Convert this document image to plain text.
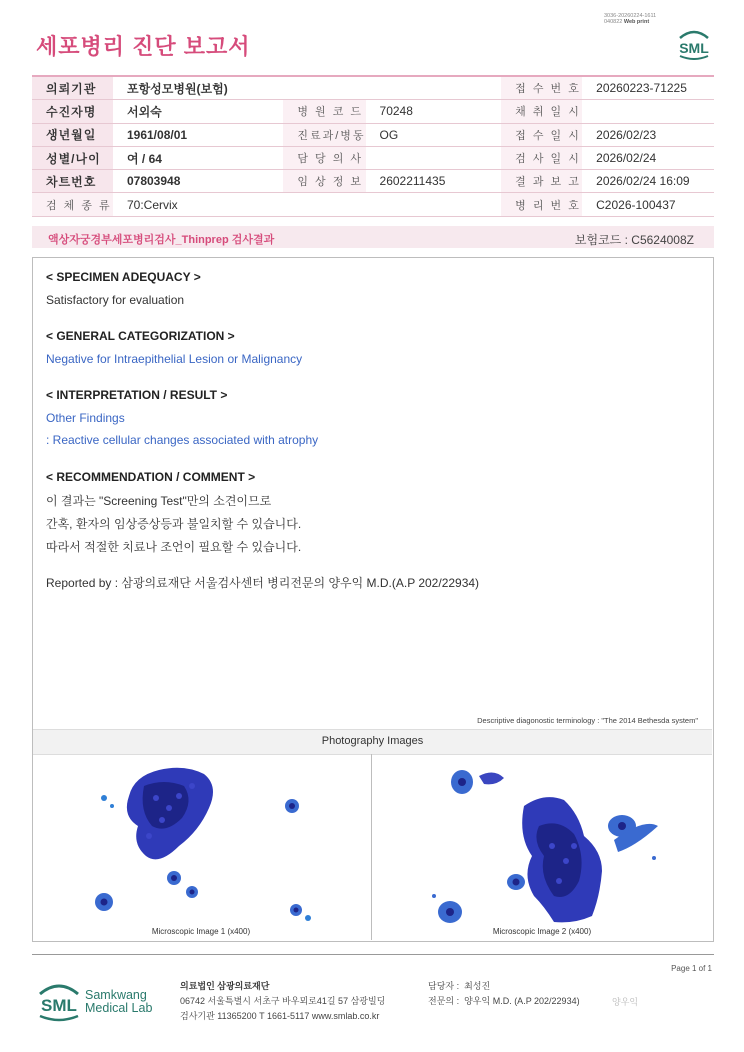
3036-20260224-1611
040822 Web print
세포병리 진단 보고서	SML
의뢰기관	포항성모병원(보험)			접 수 번 호	20260223-71225
수진자명	서외숙	병 원 코 드	70248	채 취 일 시	
생년월일	1961/08/01	진료과/병동	OG	접 수 일 시	2026/02/23
성별/나이	여 / 64	담 당 의 사		검 사 일 시	2026/02/24
차트번호	07803948	임 상 정 보	2602211435	결 과 보 고	2026/02/24 16:09
검 체 종 류	70:Cervix			병 리 번 호	C2026-100437
액상자궁경부세포병리검사_Thinprep 검사결과	보험코드 : C5624008Z
< SPECIMEN ADEQUACY >
Satisfactory for evaluation
< GENERAL CATEGORIZATION >
Negative for Intraepithelial Lesion or Malignancy
< INTERPRETATION / RESULT >
Other Findings
: Reactive cellular changes associated with atrophy
< RECOMMENDATION / COMMENT >
이 결과는 "Screening Test"만의 소견이므로
간혹, 환자의 임상증상등과 불일치할 수 있습니다.
따라서 적절한 치료나 조언이 필요할 수 있습니다.
Reported by : 삼광의료재단 서울검사센터 병리전문의 양우익 M.D.(A.P 202/22934)
Descriptive diagonostic terminology : "The 2014 Bethesda system"
Photography Images
Microscopic Image 1 (x400)	Microscopic Image 2 (x400)
Page 1 of 1
SML
Samkwang
Medical Lab
의료법인 삼광의료재단
06742 서울특별시 서초구 바우뫼로41길 57 삼광빌딩
검사기관 11365200 T 1661-5117 www.smlab.co.kr
담당자 : 최성진
전문의 : 양우익 M.D. (A.P 202/22934)	양우익
